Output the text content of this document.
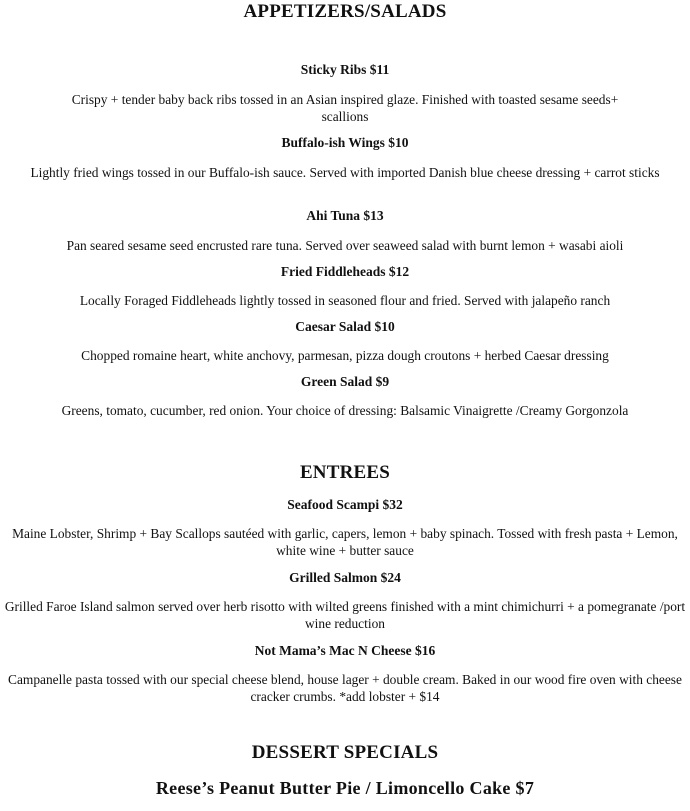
APPETIZERS/SALADS
Sticky Ribs $11
Crispy + tender baby back ribs tossed in an Asian inspired glaze. Finished with toasted sesame seeds+ scallions
Buffalo-ish Wings $10
Lightly fried wings tossed in our Buffalo-ish sauce. Served with imported Danish blue cheese dressing + carrot sticks
Ahi Tuna $13
Pan seared sesame seed encrusted rare tuna. Served over seaweed salad with burnt lemon + wasabi aioli
Fried Fiddleheads $12
Locally Foraged Fiddleheads lightly tossed in seasoned flour and fried. Served with jalapeño ranch
Caesar Salad $10
Chopped romaine heart, white anchovy, parmesan, pizza dough croutons + herbed Caesar dressing
Green Salad $9
Greens, tomato, cucumber, red onion. Your choice of dressing: Balsamic Vinaigrette /Creamy Gorgonzola
ENTREES
Seafood Scampi $32
Maine Lobster, Shrimp + Bay Scallops sautéed with garlic, capers, lemon + baby spinach. Tossed with fresh pasta + Lemon, white wine + butter sauce
Grilled Salmon $24
Grilled Faroe Island salmon served over herb risotto with wilted greens finished with a mint chimichurri + a pomegranate /port wine reduction
Not Mama’s Mac N Cheese $16
Campanelle pasta tossed with our special cheese blend, house lager + double cream. Baked in our wood fire oven with cheese cracker crumbs. *add lobster + $14
DESSERT SPECIALS
Reese’s Peanut Butter Pie / Limoncello Cake $7
